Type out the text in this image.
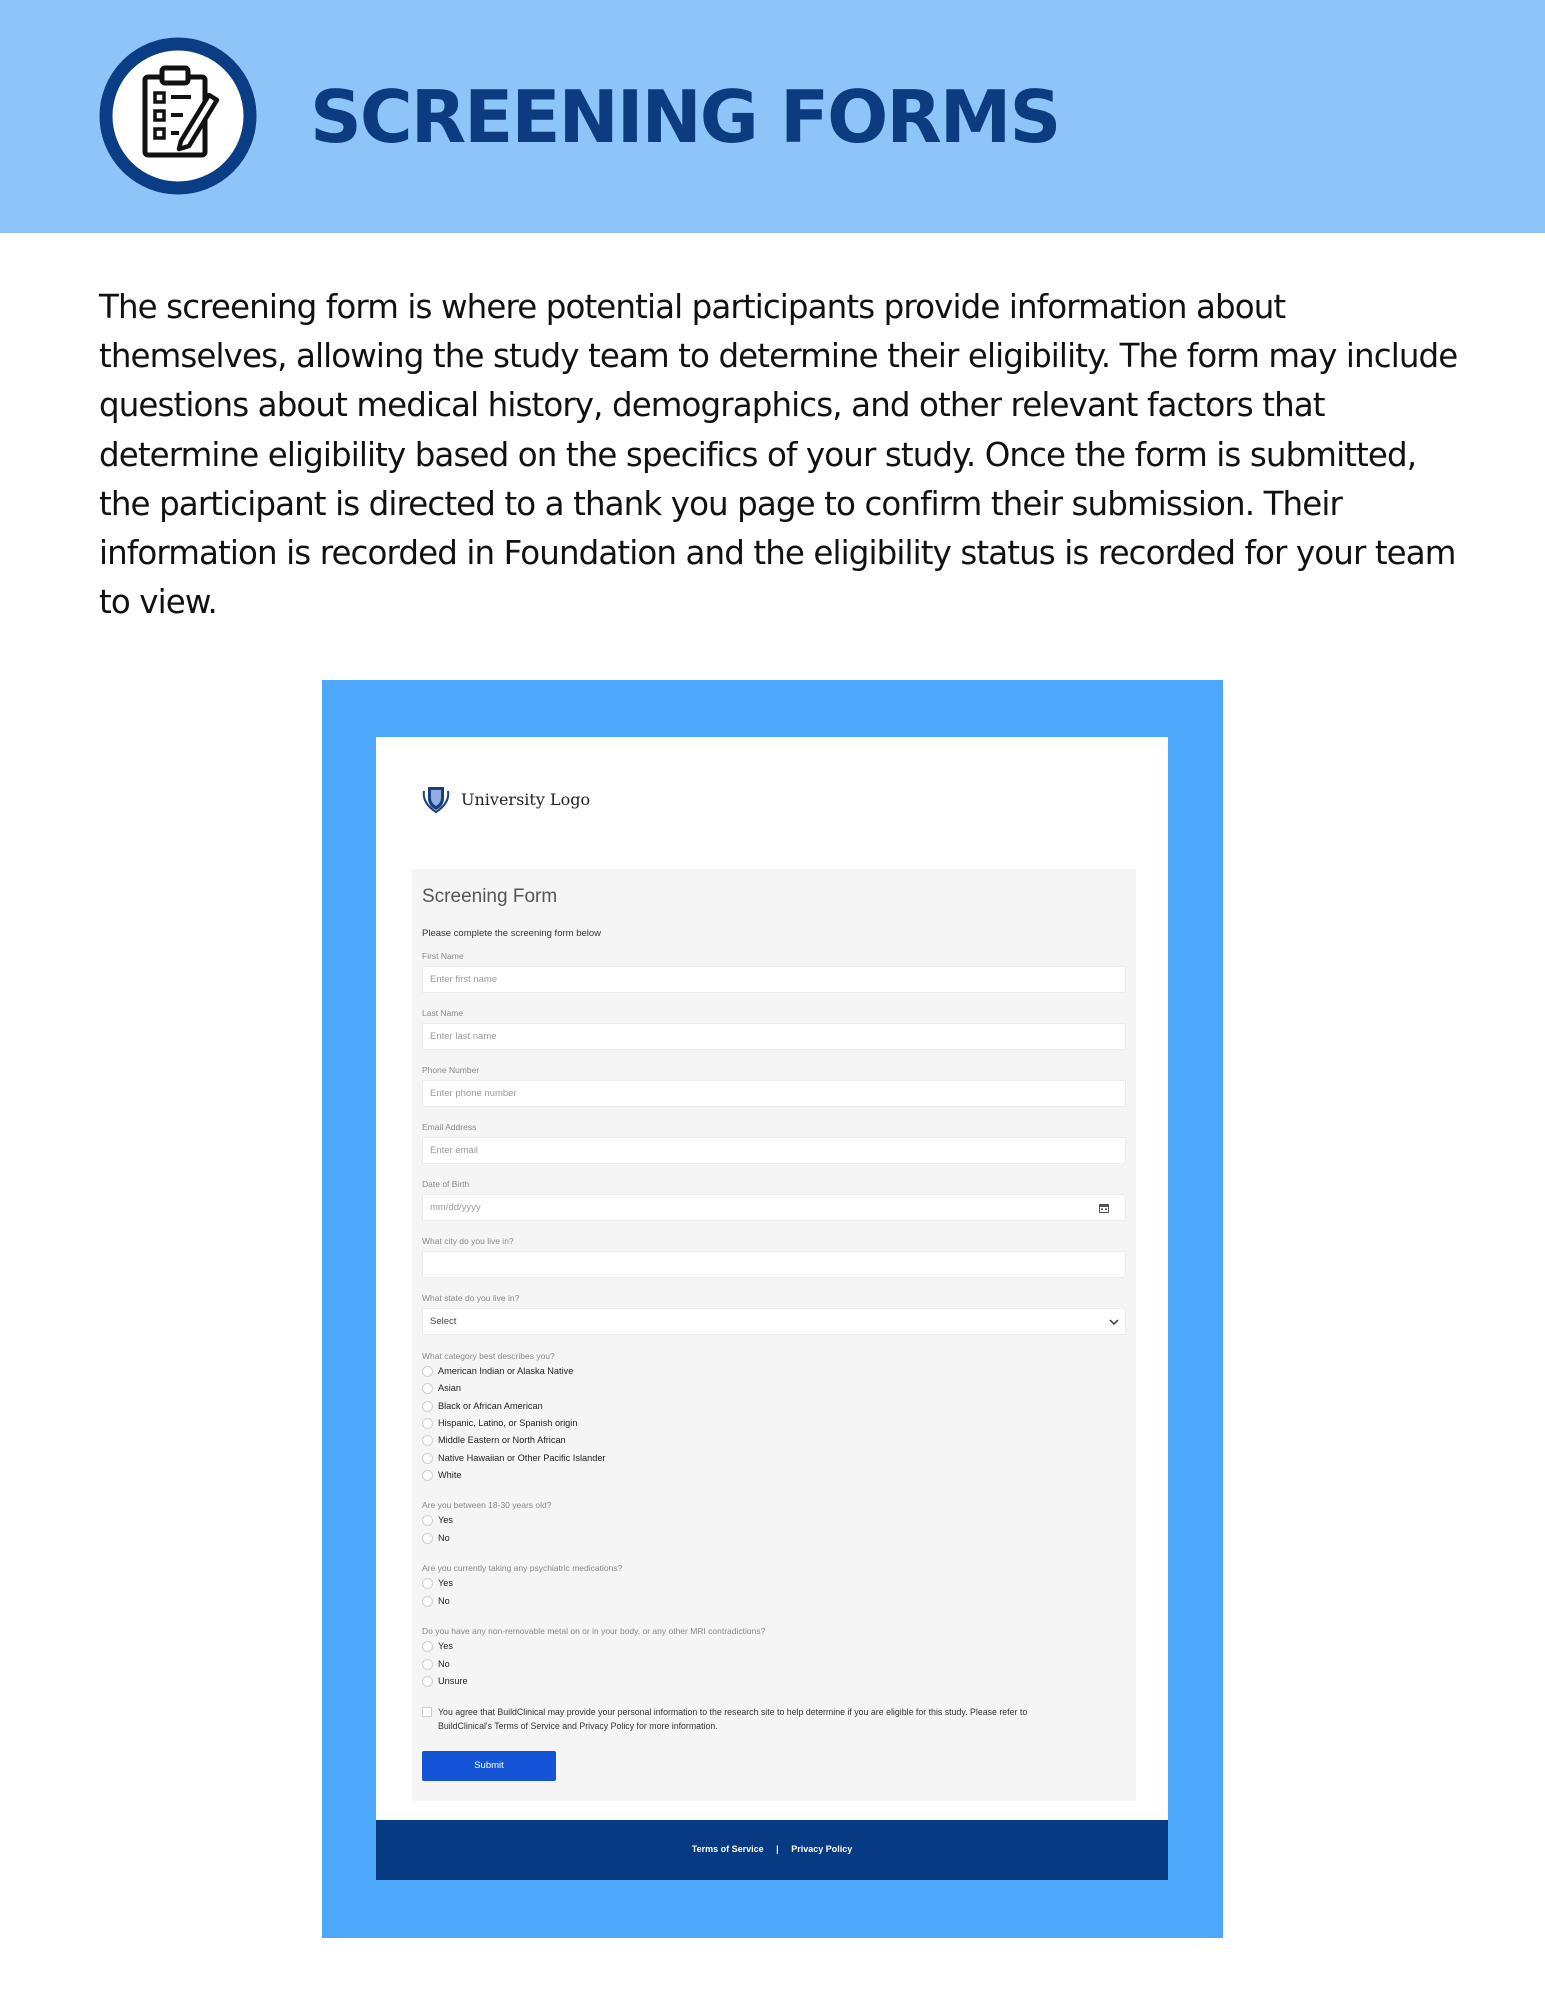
SCREENING FORMS

The screening form is where potential participants provide information about themselves, allowing the study team to determine their eligibility. The form may include questions about medical history, demographics, and other relevant factors that determine eligibility based on the specifics of your study. Once the form is submitted, the participant is directed to a thank you page to confirm their submission. Their information is recorded in Foundation and the eligibility status is recorded for your team to view.

University Logo
Screening Form
Please complete the screening form below
First Name
Enter first name
Last Name
Enter last name
Phone Number
Enter phone number
Email Address
Enter email
Date of Birth
mm/dd/yyyy
What city do you live in?
What state do you live in?
Select
What category best describes you?
American Indian or Alaska Native
Asian
Black or African American
Hispanic, Latino, or Spanish origin
Middle Eastern or North African
Native Hawaiian or Other Pacific Islander
White
Are you between 18-30 years old?
Yes
No
Are you currently taking any psychiatric medications?
Yes
No
Do you have any non-removable metal on or in your body, or any other MRI contradictions?
Yes
No
Unsure
You agree that BuildClinical may provide your personal information to the research site to help determine if you are eligible for this study. Please refer to BuildClinical's Terms of Service and Privacy Policy for more information.
Submit
Terms of Service | Privacy Policy
